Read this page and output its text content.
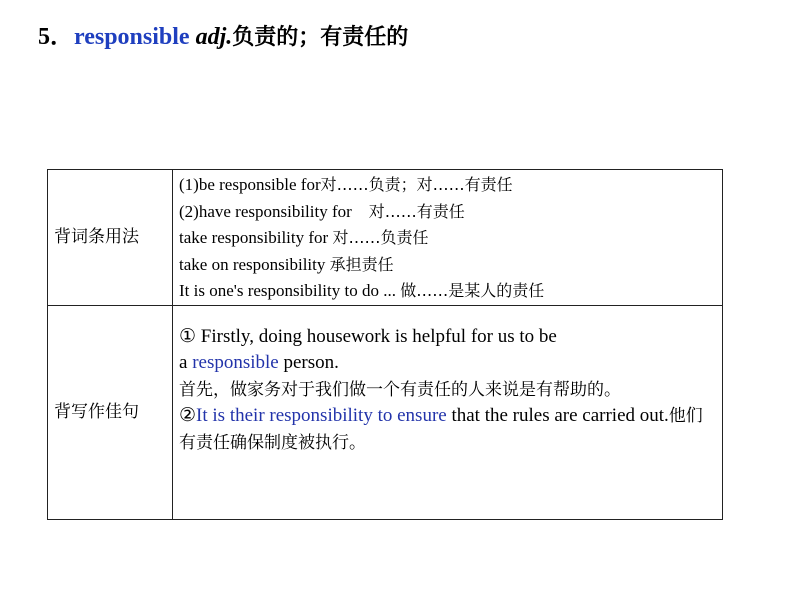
5．responsible adj.负责的；有责任的
背词条用法	(1)be responsible for对……负责；对……有责任
(2)have responsibility for　对……有责任
take responsibility for 对……负责任
take on responsibility 承担责任
It is one's responsibility to do ... 做……是某人的责任

背写作佳句	① Firstly, doing housework is helpful for us to be
a responsible person.
首先，做家务对于我们做一个有责任的人来说是有帮助的。
②It is their responsibility to ensure that the rules are carried out.他们有责任确保制度被执行。
